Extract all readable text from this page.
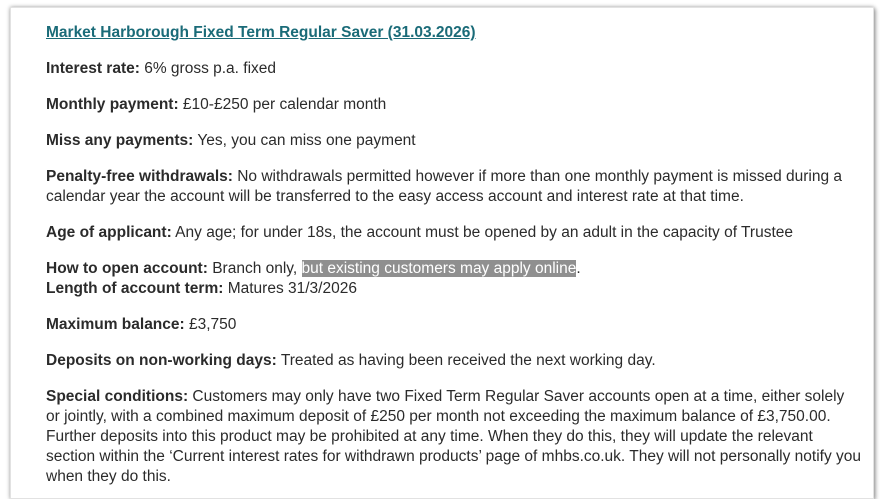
Market Harborough Fixed Term Regular Saver (31.03.2026)

Interest rate: 6% gross p.a. fixed

Monthly payment: £10-£250 per calendar month

Miss any payments: Yes, you can miss one payment

Penalty-free withdrawals: No withdrawals permitted however if more than one monthly payment is missed during a calendar year the account will be transferred to the easy access account and interest rate at that time.

Age of applicant: Any age; for under 18s, the account must be opened by an adult in the capacity of Trustee

How to open account: Branch only, but existing customers may apply online.

Length of account term: Matures 31/3/2026

Maximum balance: £3,750

Deposits on non-working days: Treated as having been received the next working day.

Special conditions: Customers may only have two Fixed Term Regular Saver accounts open at a time, either solely or jointly, with a combined maximum deposit of £250 per month not exceeding the maximum balance of £3,750.00. Further deposits into this product may be prohibited at any time. When they do this, they will update the relevant section within the ‘Current interest rates for withdrawn products’ page of mhbs.co.uk. They will not personally notify you when they do this.
